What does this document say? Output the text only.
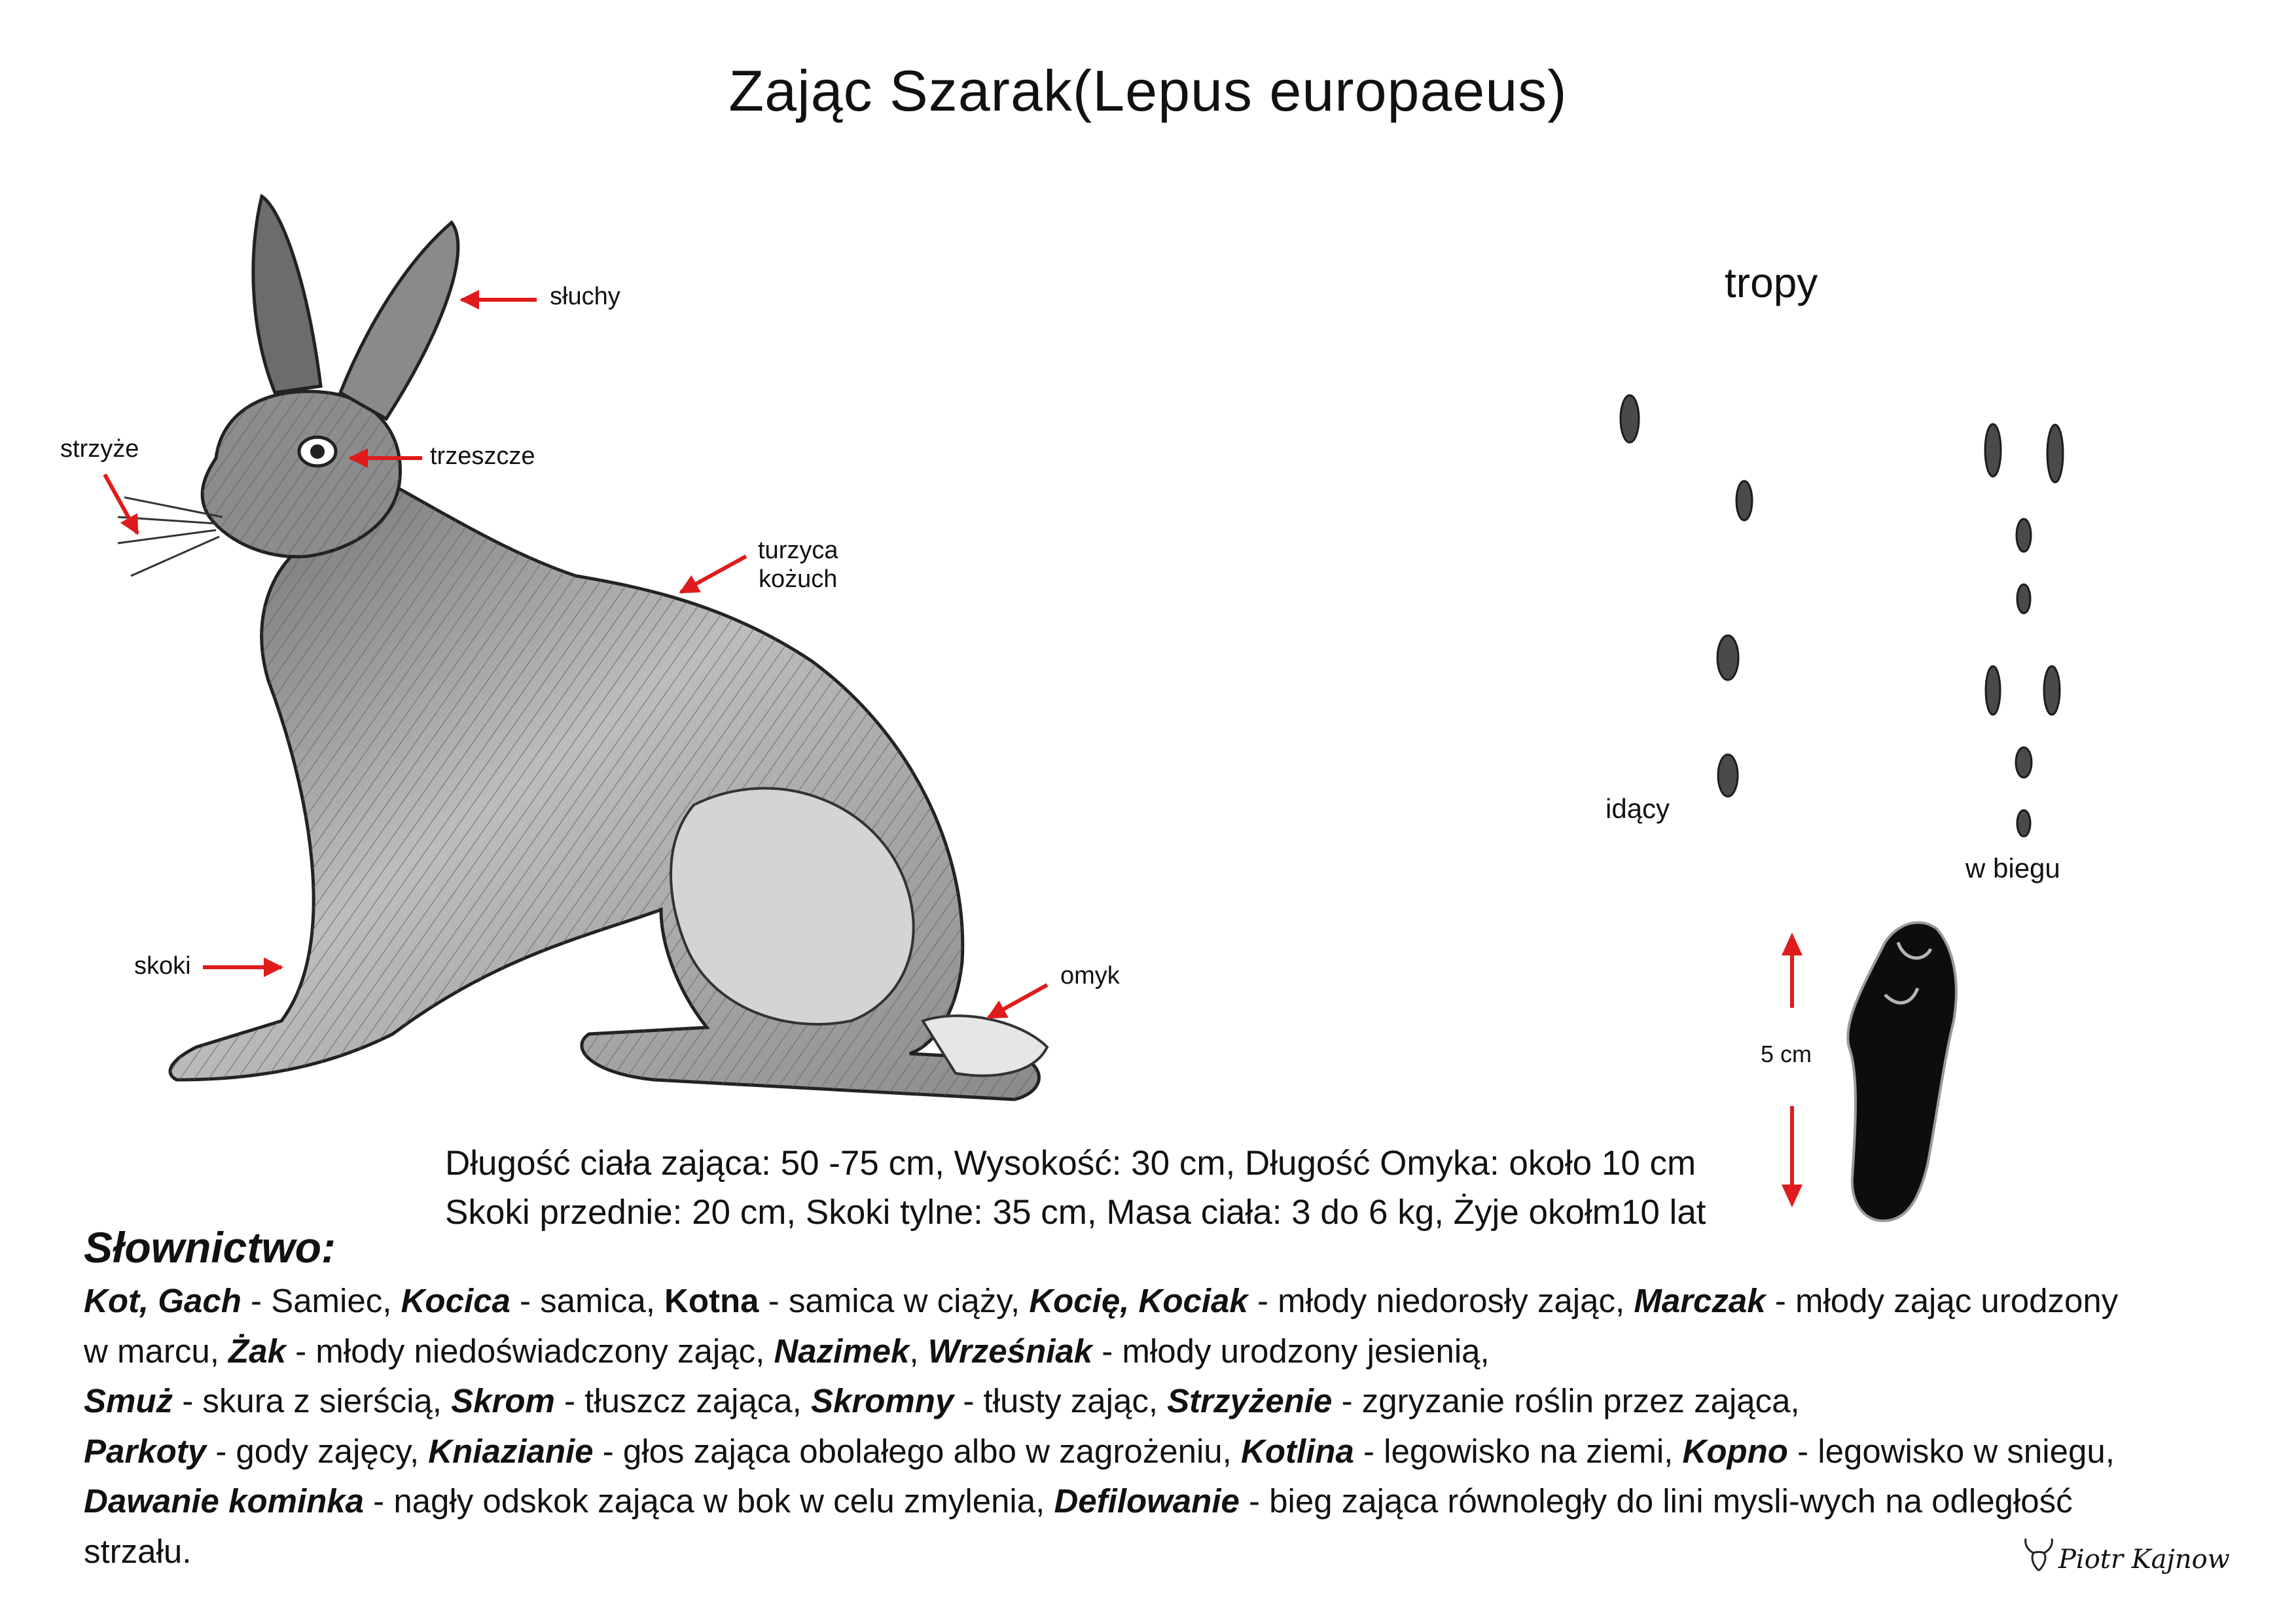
Zając Szarak(Lepus europaeus)
słuchy
strzyże	trzeszcze
turzyca
kożuch
skoki	omyk
tropy
idący
w biegu
5 cm
Długość ciała zająca: 50 -75 cm, Wysokość: 30 cm, Długość Omyka: około 10 cm
Skoki przednie: 20 cm, Skoki tylne: 35 cm, Masa ciała: 3 do 6 kg, Żyje okołm10 lat
Słownictwo:

Kot, Gach - Samiec, Kocica - samica, Kotna - samica w ciąży, Kocię, Kociak - młody niedorosły zając, Marczak - młody zając urodzony w marcu, Żak - młody niedoświadczony zając, Nazimek, Wrześniak - młody urodzony jesienią,
Smuż - skura z sierścią, Skrom - tłuszcz zająca, Skromny - tłusty zając, Strzyżenie - zgryzanie roślin przez zająca,
Parkoty - gody zajęcy, Kniazianie - głos zająca obolałego albo w zagrożeniu, Kotlina - legowisko na ziemi, Kopno - legowisko w sniegu, Dawanie kominka - nagły odskok zająca w bok w celu zmylenia, Defilowanie - bieg zająca równoległy do lini mysli-wych na odległość strzału.	Piotr Kajnow
